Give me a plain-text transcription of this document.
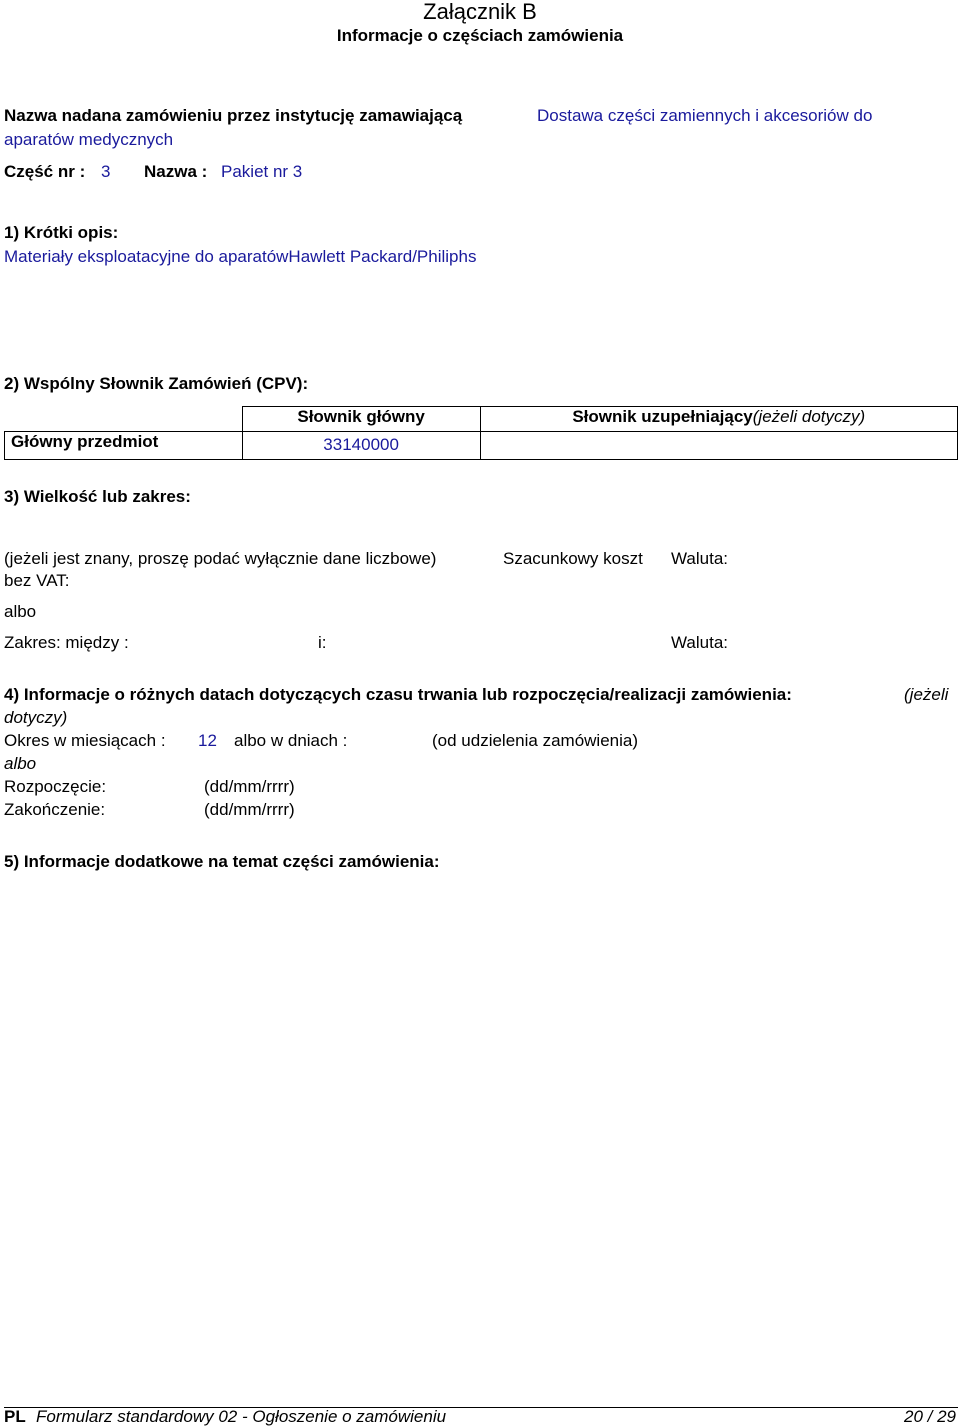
Załącznik B
Informacje o częściach zamówienia
Nazwa nadana zamówieniu przez instytucję zamawiającą	Dostawa części zamiennych i akcesoriów do
aparatów medycznych
Część nr : 3 Nazwa : Pakiet nr 3
1) Krótki opis:
Materiały eksploatacyjne do aparatówHawlett Packard/Philiphs
2) Wspólny Słownik Zamówień (CPV):
	Słownik główny	Słownik uzupełniający(jeżeli dotyczy)
Główny przedmiot	33140000	
3) Wielkość lub zakres:
(jeżeli jest znany, proszę podać wyłącznie dane liczbowe)	Szacunkowy koszt Waluta:
bez VAT:
albo
Zakres: między :	i:	Waluta:
4) Informacje o różnych datach dotyczących czasu trwania lub rozpoczęcia/realizacji zamówienia:	(jeżeli
dotyczy)
Okres w miesiącach : 12 albo w dniach :	(od udzielenia zamówienia)
albo
Rozpoczęcie:	(dd/mm/rrrr)
Zakończenie:	(dd/mm/rrrr)
5) Informacje dodatkowe na temat części zamówienia:
PL Formularz standardowy 02 - Ogłoszenie o zamówieniu	20 / 29
